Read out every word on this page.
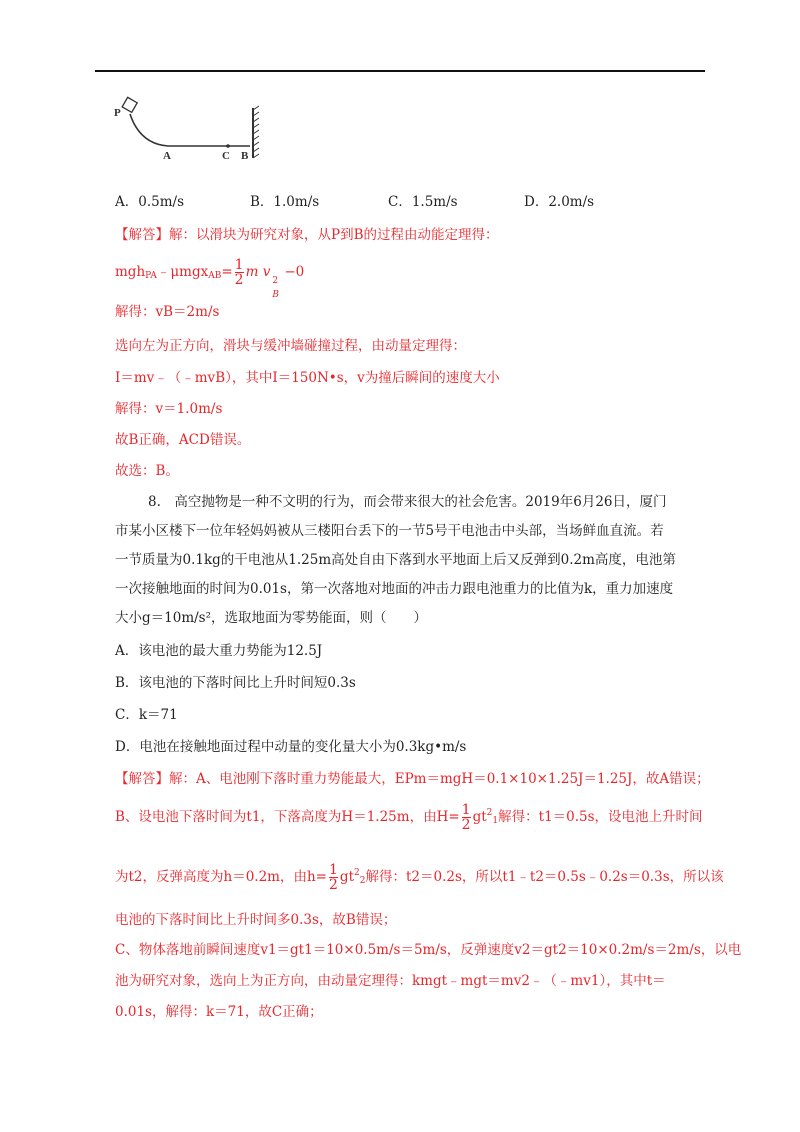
P
A	C B
A．0.5m/s	B．1.0m/s	C．1.5m/s	D．2.0m/s
【解答】解：以滑块为研究对象，从P到B的过程由动能定理得：
mgh$_{PA}$﹣μmgx$_{AB}$= $\frac{1}{2}$ m v
2
B
−0
解得：vB＝2m/s
选向左为正方向，滑块与缓冲墙碰撞过程，由动量定理得：
I＝mv﹣（﹣mvB），其中I＝150N•s，v为撞后瞬间的速度大小
解得：v＝1.0m/s
故B正确，ACD错误。
故选：B。
8.　高空抛物是一种不文明的行为，而会带来很大的社会危害。2019年6月26日，厦门
市某小区楼下一位年轻妈妈被从三楼阳台丢下的一节5号干电池击中头部，当场鲜血直流。若
一节质量为0.1kg的干电池从1.25m高处自由下落到水平地面上后又反弹到0.2m高度，电池第
一次接触地面的时间为0.01s，第一次落地对地面的冲击力跟电池重力的比值为k，重力加速度
大小g＝10m/s²，选取地面为零势能面，则（　　）
A．该电池的最大重力势能为12.5J
B．该电池的下落时间比上升时间短0.3s
C．k＝71
D．电池在接触地面过程中动量的变化量大小为0.3kg•m/s
【解答】解：A、电池刚下落时重力势能最大，EPm＝mgH＝0.1×10×1.25J＝1.25J，故A错误；
B、设电池下落时间为t1，下落高度为H＝1.25m，由$H= \frac{1}{2} gt^2_1$解得：t1＝0.5s，设电池上升时间
为t2，反弹高度为h＝0.2m，由$h= \frac{1}{2} gt^2_2$解得：t2＝0.2s，所以t1﹣t2＝0.5s﹣0.2s＝0.3s，所以该
电池的下落时间比上升时间多0.3s，故B错误；
C、物体落地前瞬间速度v1＝gt1＝10×0.5m/s＝5m/s，反弹速度v2＝gt2＝10×0.2m/s＝2m/s，以电
池为研究对象，选向上为正方向，由动量定理得：kmgt﹣mgt＝mv2﹣（﹣mv1），其中t＝
0.01s，解得：k＝71，故C正确；
